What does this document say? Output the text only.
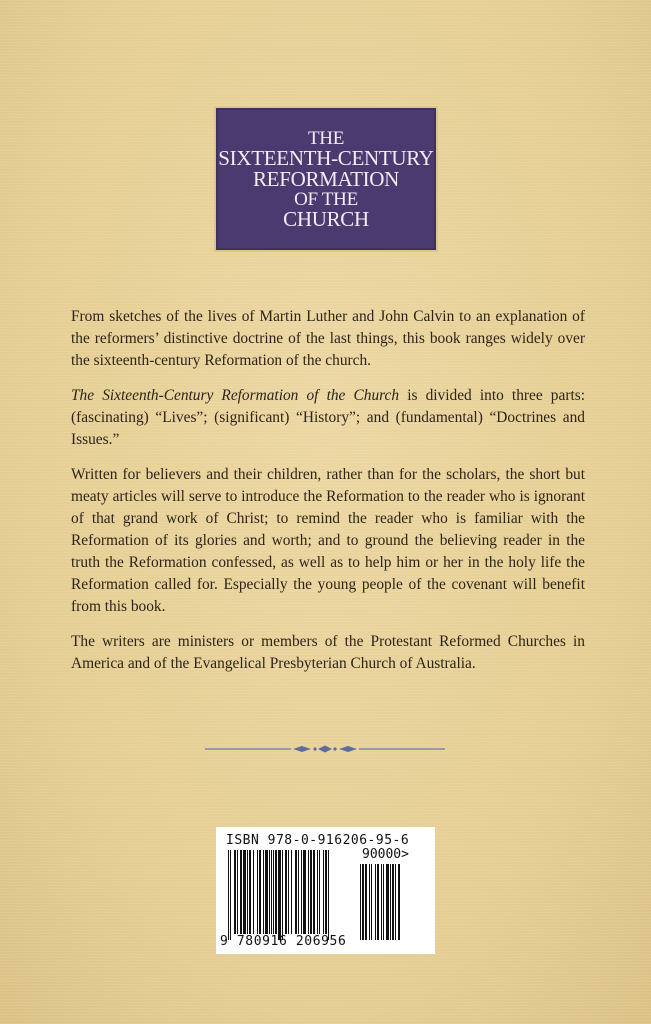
THE
SIXTEENTH-CENTURY
REFORMATION
OF THE
CHURCH

From sketches of the lives of Martin Luther and John Calvin to an explanation of the reformers’ distinctive doctrine of the last things, this book ranges widely over the sixteenth-century Reformation of the church.

The Sixteenth-Century Reformation of the Church is divided into three parts: (fascinating) “Lives”; (significant) “History”; and (fundamental) “Doctrines and Issues.”

Written for believers and their children, rather than for the scholars, the short but meaty articles will serve to introduce the Reformation to the reader who is ignorant of that grand work of Christ; to remind the reader who is familiar with the Reformation of its glories and worth; and to ground the believing reader in the truth the Reformation confessed, as well as to help him or her in the holy life the Reformation called for. Especially the young people of the covenant will benefit from this book.

The writers are ministers or members of the Protestant Reformed Churches in America and of the Evangelical Presbyterian Church of Australia.

ISBN 978-0-916206-95-6
90000>
9 780916 206956
